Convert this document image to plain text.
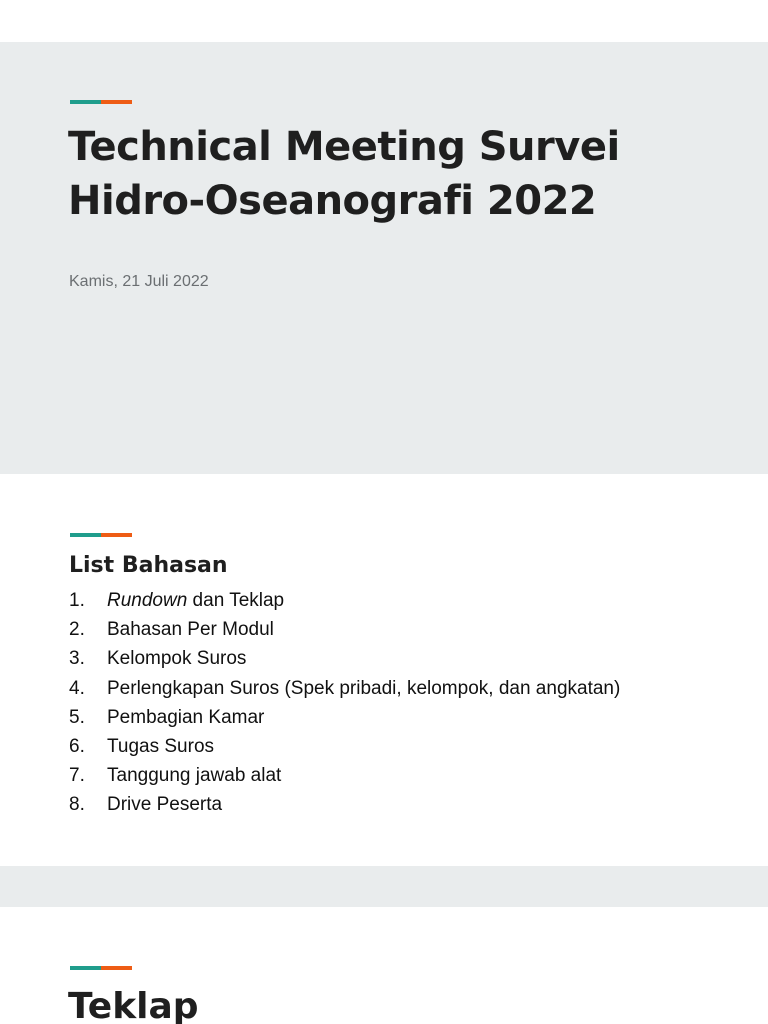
Technical Meeting Survei
Hidro-Oseanografi 2022

Kamis, 21 Juli 2022

List Bahasan
1. Rundown dan Teklap
2. Bahasan Per Modul
3. Kelompok Suros
4. Perlengkapan Suros (Spek pribadi, kelompok, dan angkatan)
5. Pembagian Kamar
6. Tugas Suros
7. Tanggung jawab alat
8. Drive Peserta
Teklap
